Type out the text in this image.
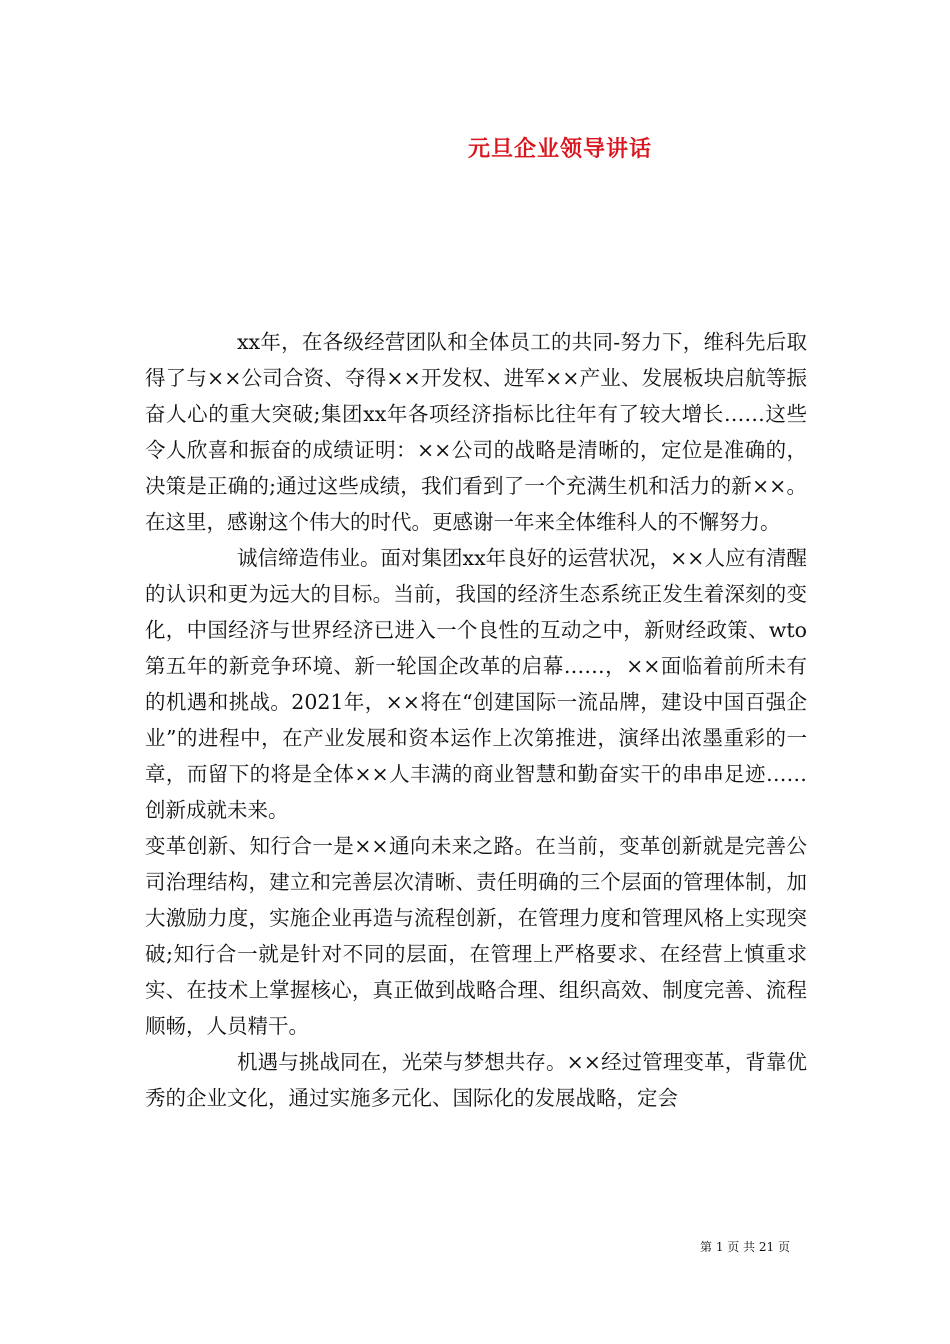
元旦企业领导讲话

xx年，在各级经营团队和全体员工的共同-努力下，维科先后取得了与××公司合资、夺得××开发权、进军××产业、发展板块启航等振奋人心的重大突破;集团xx年各项经济指标比往年有了较大增长……这些令人欣喜和振奋的成绩证明：××公司的战略是清晰的，定位是准确的，决策是正确的;通过这些成绩，我们看到了一个充满生机和活力的新××。在这里，感谢这个伟大的时代。更感谢一年来全体维科人的不懈努力。

诚信缔造伟业。面对集团xx年良好的运营状况，××人应有清醒的认识和更为远大的目标。当前，我国的经济生态系统正发生着深刻的变化，中国经济与世界经济已进入一个良性的互动之中，新财经政策、wto第五年的新竞争环境、新一轮国企改革的启幕……，××面临着前所未有的机遇和挑战。2021年，××将在“创建国际一流品牌，建设中国百强企业”的进程中，在产业发展和资本运作上次第推进，演绎出浓墨重彩的一章，而留下的将是全体××人丰满的商业智慧和勤奋实干的串串足迹……创新成就未来。

变革创新、知行合一是××通向未来之路。在当前，变革创新就是完善公司治理结构，建立和完善层次清晰、责任明确的三个层面的管理体制，加大激励力度，实施企业再造与流程创新，在管理力度和管理风格上实现突破;知行合一就是针对不同的层面，在管理上严格要求、在经营上慎重求实、在技术上掌握核心，真正做到战略合理、组织高效、制度完善、流程顺畅，人员精干。

机遇与挑战同在，光荣与梦想共存。××经过管理变革，背靠优秀的企业文化，通过实施多元化、国际化的发展战略，定会

第 1 页 共 21 页
